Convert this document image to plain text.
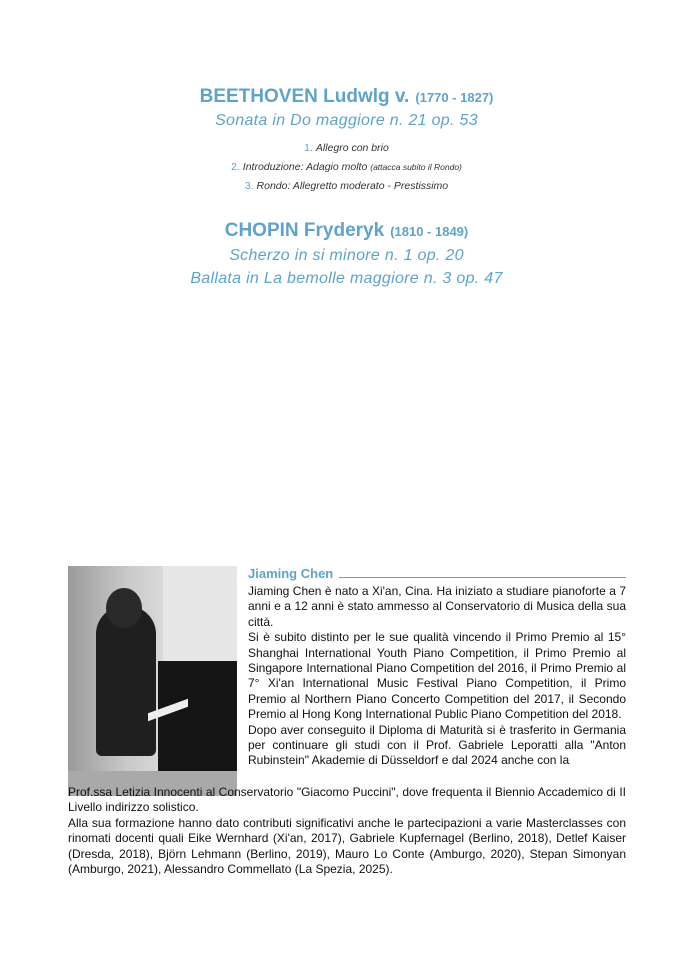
BEETHOVEN Ludwlg v. (1770 - 1827)
Sonata in Do maggiore n. 21 op. 53
1. Allegro con brio
2. Introduzione: Adagio molto (attacca subito il Rondo)
3. Rondo: Allegretto moderato - Prestissimo
CHOPIN Fryderyk (1810 - 1849)
Scherzo in si minore n. 1 op. 20
Ballata in La bemolle maggiore n. 3 op. 47
Jiaming Chen

Jiaming Chen è nato a Xi'an, Cina. Ha iniziato a studiare pianoforte a 7 anni e a 12 anni è stato ammesso al Conservatorio di Musica della sua città.

Si è subito distinto per le sue qualità vincendo il Primo Premio al 15° Shanghai International Youth Piano Competition, il Primo Premio al Singapore International Piano Competition del 2016, il Primo Premio al 7° Xi'an International Music Festival Piano Competition, il Primo Premio al Northern Piano Concerto Competition del 2017, il Secondo Premio al Hong Kong International Public Piano Competition del 2018.

Dopo aver conseguito il Diploma di Maturità si è trasferito in Germania per continuare gli studi con il Prof. Gabriele Leporatti alla "Anton Rubinstein" Akademie di Düsseldorf e dal 2024 anche con la

Prof.ssa Letizia Innocenti al Conservatorio "Giacomo Puccini", dove frequenta il Biennio Accademico di II Livello indirizzo solistico.

Alla sua formazione hanno dato contributi significativi anche le partecipazioni a varie Masterclasses con rinomati docenti quali Eike Wernhard (Xi'an, 2017), Gabriele Kupfernagel (Berlino, 2018), Detlef Kaiser (Dresda, 2018), Björn Lehmann (Berlino, 2019), Mauro Lo Conte (Amburgo, 2020), Stepan Simonyan (Amburgo, 2021), Alessandro Commellato (La Spezia, 2025).
